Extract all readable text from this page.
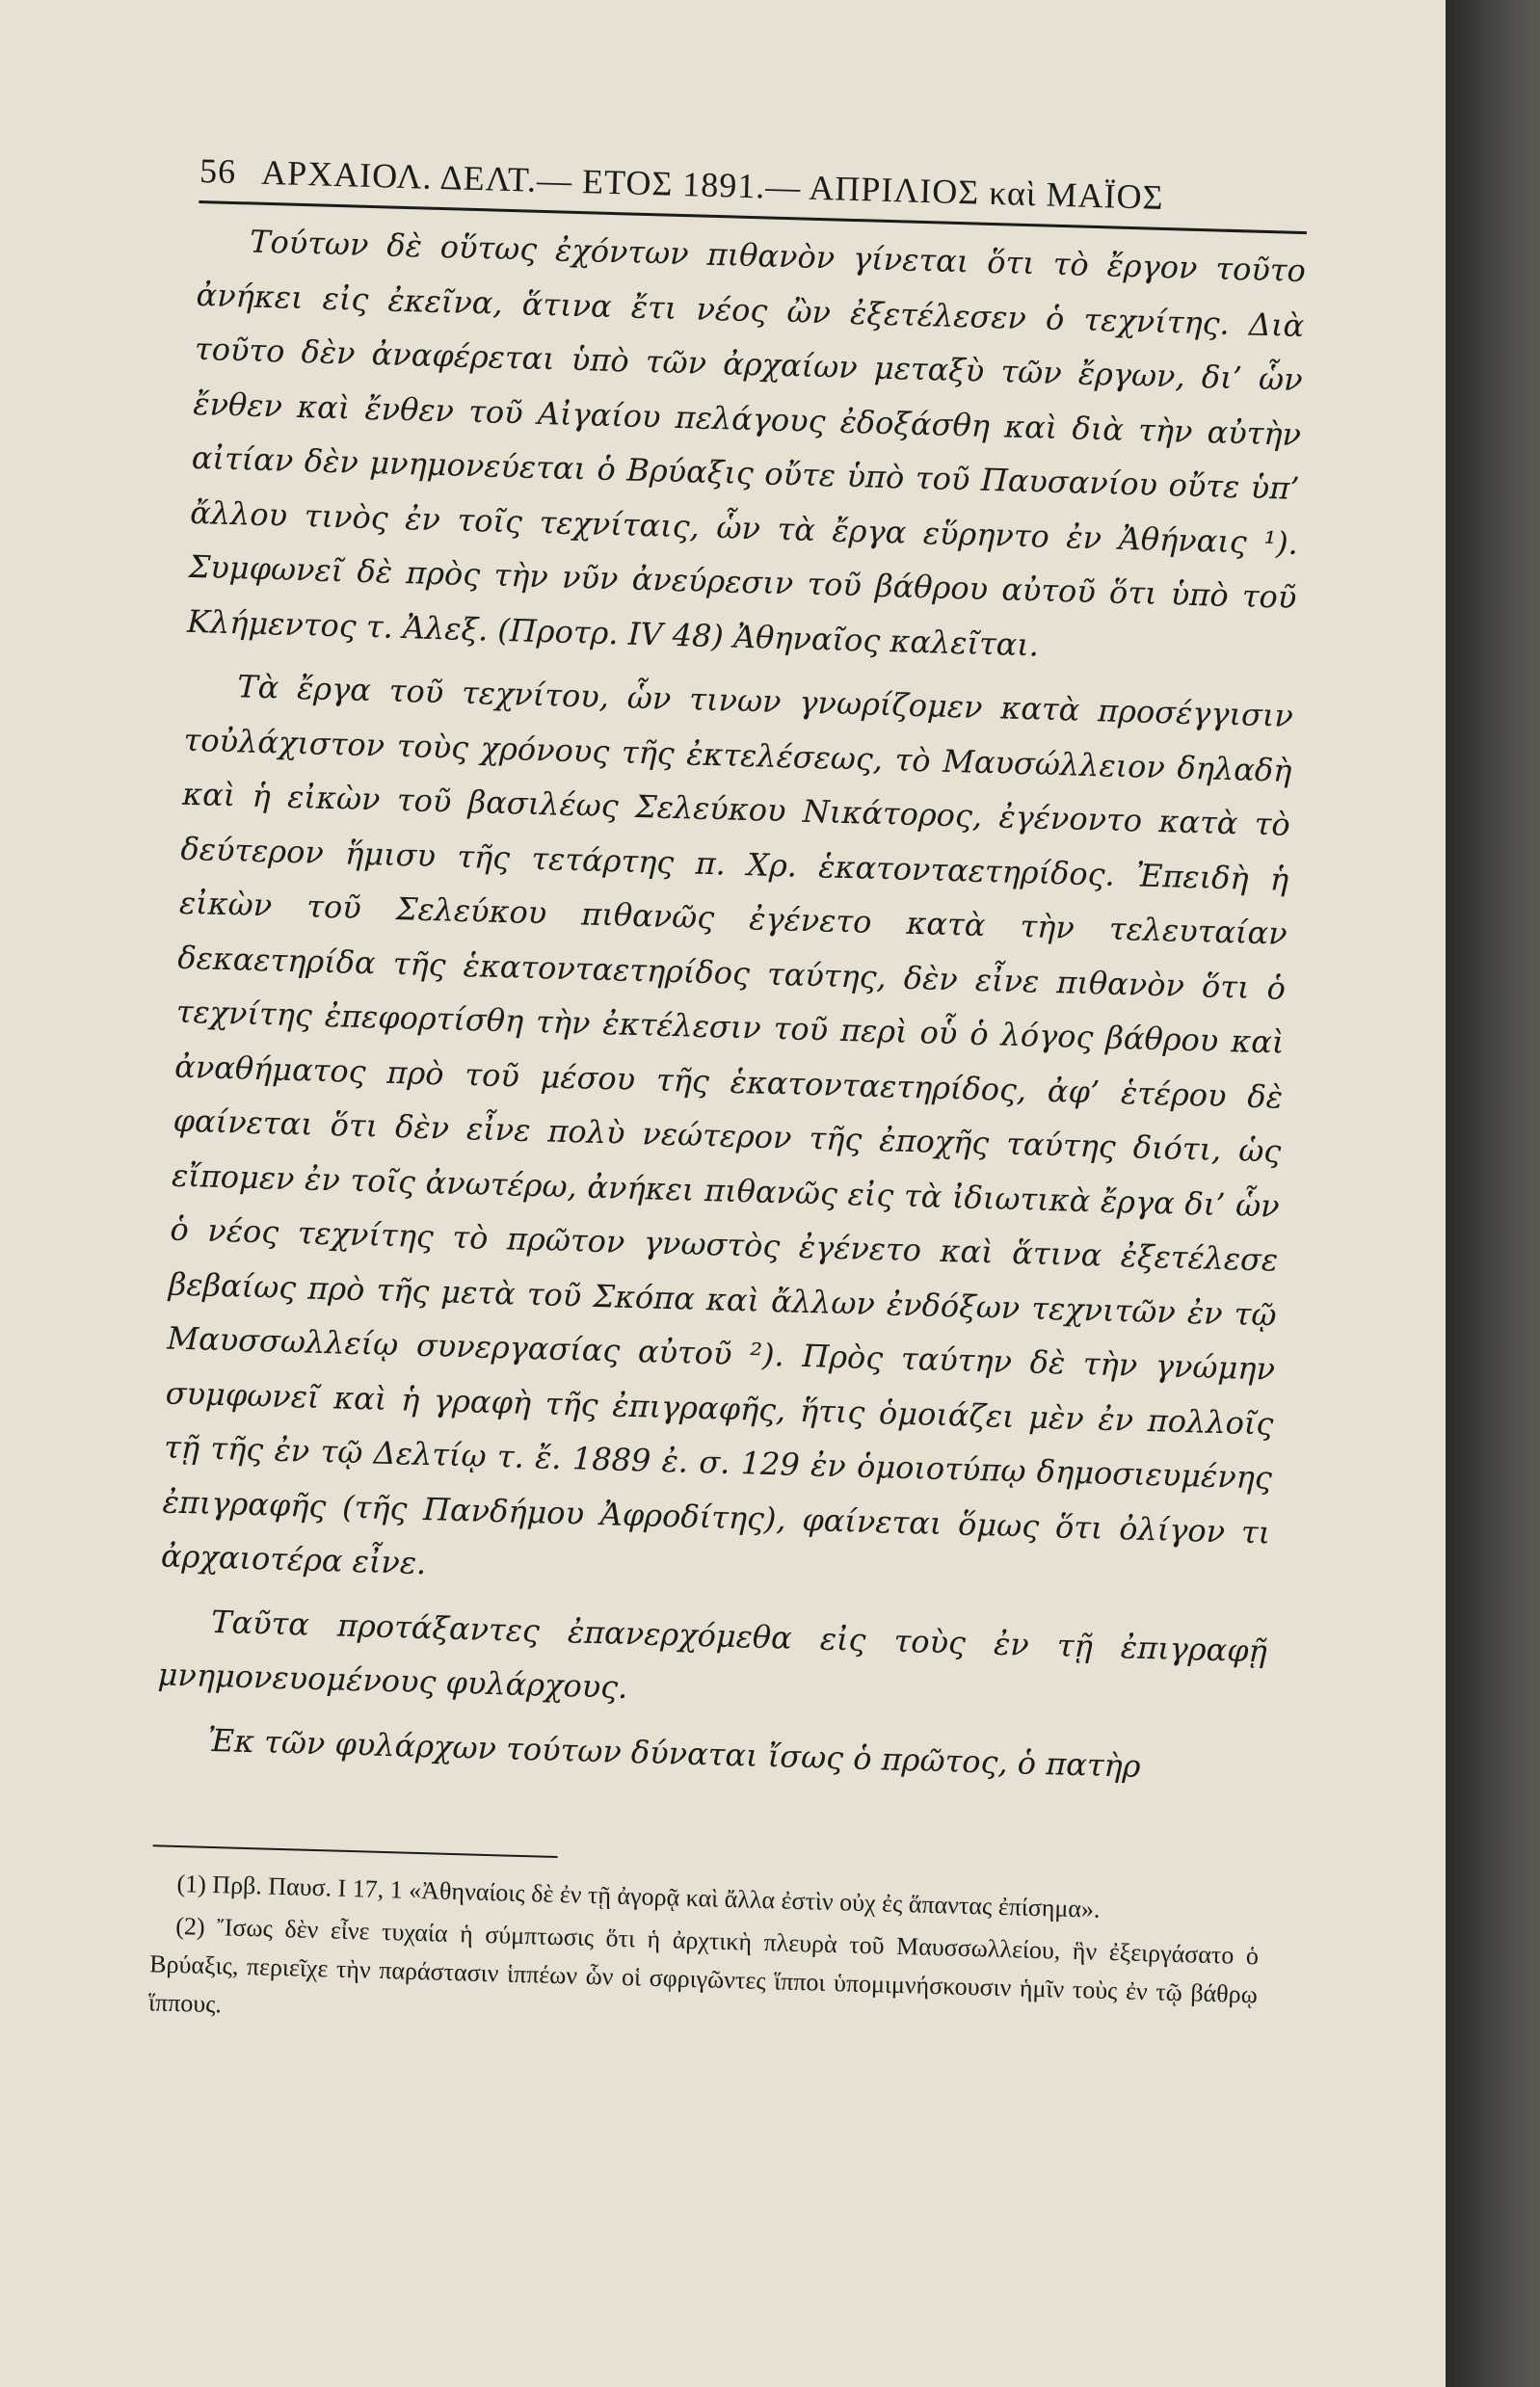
56 ΑΡΧΑΙΟΛ. ΔΕΛΤ.— ΕΤΟΣ 1891.— ΑΠΡΙΛΙΟΣ καὶ ΜΑΪΟΣ

Τούτων δὲ οὕτως ἐχόντων πιθανὸν γίνεται ὅτι τὸ ἔργον τοῦτο ἀνήκει εἰς ἐκεῖνα, ἅτινα ἔτι νέος ὢν ἐξετέλεσεν ὁ τεχνίτης. Διὰ τοῦτο δὲν ἀναφέρεται ὑπὸ τῶν ἀρχαίων μεταξὺ τῶν ἔργων, δι’ ὧν ἔνθεν καὶ ἔνθεν τοῦ Αἰγαίου πελάγους ἐδοξάσθη καὶ διὰ τὴν αὐτὴν αἰτίαν δὲν μνημονεύεται ὁ Βρύαξις οὔτε ὑπὸ τοῦ Παυσανίου οὔτε ὑπ’ ἄλλου τινὸς ἐν τοῖς τεχνίταις, ὧν τὰ ἔργα εὕρηντο ἐν Ἀθήναις ¹). Συμφωνεῖ δὲ πρὸς τὴν νῦν ἀνεύρεσιν τοῦ βάθρου αὐτοῦ ὅτι ὑπὸ τοῦ Κλήμεντος τ. Ἀλεξ. (Προτρ. IV 48) Ἀθηναῖος καλεῖται.

Τὰ ἔργα τοῦ τεχνίτου, ὧν τινων γνωρίζομεν κατὰ προσέγγισιν τοὐλάχιστον τοὺς χρόνους τῆς ἐκτελέσεως, τὸ Μαυσώλλειον δηλαδὴ καὶ ἡ εἰκὼν τοῦ βασιλέως Σελεύκου Νικάτορος, ἐγένοντο κατὰ τὸ δεύτερον ἥμισυ τῆς τετάρτης π. Χρ. ἑκατονταετηρίδος. Ἐπειδὴ ἡ εἰκὼν τοῦ Σελεύκου πιθανῶς ἐγένετο κατὰ τὴν τελευταίαν δεκαετηρίδα τῆς ἑκατονταετηρίδος ταύτης, δὲν εἶνε πιθανὸν ὅτι ὁ τεχνίτης ἐπεφορτίσθη τὴν ἐκτέλεσιν τοῦ περὶ οὗ ὁ λόγος βάθρου καὶ ἀναθήματος πρὸ τοῦ μέσου τῆς ἑκατονταετηρίδος, ἀφ’ ἑτέρου δὲ φαίνεται ὅτι δὲν εἶνε πολὺ νεώτερον τῆς ἐποχῆς ταύτης διότι, ὡς εἴπομεν ἐν τοῖς ἀνωτέρω, ἀνήκει πιθανῶς εἰς τὰ ἰδιωτικὰ ἔργα δι’ ὧν ὁ νέος τεχνίτης τὸ πρῶτον γνωστὸς ἐγένετο καὶ ἅτινα ἐξετέλεσε βεβαίως πρὸ τῆς μετὰ τοῦ Σκόπα καὶ ἄλλων ἐνδόξων τεχνιτῶν ἐν τῷ Μαυσσωλλείῳ συνεργασίας αὐτοῦ ²). Πρὸς ταύτην δὲ τὴν γνώμην συμφωνεῖ καὶ ἡ γραφὴ τῆς ἐπιγραφῆς, ἥτις ὁμοιάζει μὲν ἐν πολλοῖς τῇ τῆς ἐν τῷ Δελτίῳ τ. ἔ. 1889 ἐ. σ. 129 ἐν ὁμοιοτύπῳ δημοσιευμένης ἐπιγραφῆς (τῆς Πανδήμου Ἀφροδίτης), φαίνεται ὅμως ὅτι ὀλίγον τι ἀρχαιοτέρα εἶνε.

Ταῦτα προτάξαντες ἐπανερχόμεθα εἰς τοὺς ἐν τῇ ἐπιγραφῇ μνημονευομένους φυλάρχους.

Ἐκ τῶν φυλάρχων τούτων δύναται ἴσως ὁ πρῶτος, ὁ πατὴρ

(1) Πρβ. Παυσ. I 17, 1 «Ἀθηναίοις δὲ ἐν τῇ ἀγορᾷ καὶ ἄλλα ἐστὶν οὐχ ἐς ἅπαντας ἐπίσημα».

(2) Ἴσως δὲν εἶνε τυχαία ἡ σύμπτωσις ὅτι ἡ ἀρχτικὴ πλευρὰ τοῦ Μαυσσωλλείου, ἣν ἐξειργάσατο ὁ Βρύαξις, περιεῖχε τὴν παράστασιν ἱππέων ὧν οἱ σφριγῶντες ἵπποι ὑπομιμνήσκουσιν ἡμῖν τοὺς ἐν τῷ βάθρῳ ἵππους.
